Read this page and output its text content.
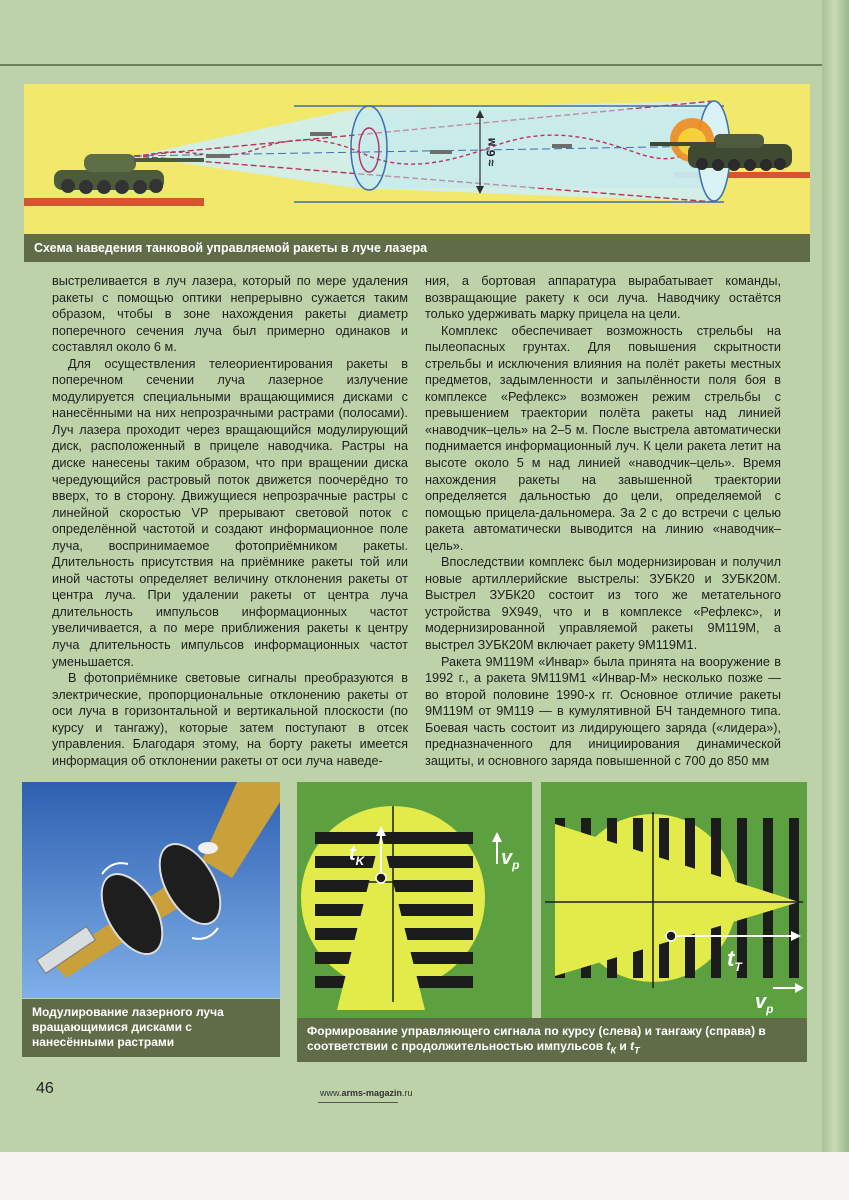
≈ 6 м
Схема наведения танковой управляемой ракеты в луче лазера

выстреливается в луч лазера, который по мере удаления ракеты с помощью оптики непрерывно сужается таким образом, чтобы в зоне нахождения ракеты диаметр поперечного сечения луча был примерно одинаков и составлял около 6 м.

Для осуществления телеориентирования ракеты в поперечном сечении луча лазерное излучение модулируется специальными вращающимися дисками с нанесёнными на них непрозрачными растрами (полосами). Луч лазера проходит через вращающийся модулирующий диск, расположенный в прицеле наводчика. Растры на диске нанесены таким образом, что при вращении диска чередующийся растровый поток движется поочерёдно то вверх, то в сторону. Движущиеся непрозрачные растры с линейной скоростью VP прерывают световой поток с определённой частотой и создают информационное поле луча, воспринимаемое фотоприёмником ракеты. Длительность присутствия на приёмнике ракеты той или иной частоты определяет величину отклонения ракеты от центра луча. При удалении ракеты от центра луча длительность импульсов информационных частот увеличивается, а по мере приближения ракеты к центру луча длительность импульсов информационных частот уменьшается.

В фотоприёмнике световые сигналы преобразуются в электрические, пропорциональные отклонению ракеты от оси луча в горизонтальной и вертикальной плоскости (по курсу и тангажу), которые затем поступают в отсек управления. Благодаря этому, на борту ракеты имеется информация об отклонении ракеты от оси луча наведе-

ния, а бортовая аппаратура вырабатывает команды, возвращающие ракету к оси луча. Наводчику остаётся только удерживать марку прицела на цели.

Комплекс обеспечивает возможность стрельбы на пылеопасных грунтах. Для повышения скрытности стрельбы и исключения влияния на полёт ракеты местных предметов, задымленности и запылённости поля боя в комплексе «Рефлекс» возможен режим стрельбы с превышением траектории полёта ракеты над линией «наводчик–цель» на 2–5 м. После выстрела автоматически поднимается информационный луч. К цели ракета летит на высоте около 5 м над линией «наводчик–цель». Время нахождения ракеты на завышенной траектории определяется дальностью до цели, определяемой с помощью прицела-дальномера. За 2 с до встречи с целью ракета автоматически выводится на линию «наводчик–цель».

Впоследствии комплекс был модернизирован и получил новые артиллерийские выстрелы: ЗУБК20 и ЗУБК20М. Выстрел ЗУБК20 состоит из того же метательного устройства 9Х949, что и в комплексе «Рефлекс», и модернизированной управляемой ракеты 9М119М, а выстрел ЗУБК20М включает ракету 9М119М1.

Ракета 9М119М «Инвар» была принята на вооружение в 1992 г., а ракета 9М119М1 «Инвар-М» несколько позже — во второй половине 1990-х гг. Основное отличие ракеты 9М119М от 9М119 — в кумулятивной БЧ тандемного типа. Боевая часть состоит из лидирующего заряда («лидера»), предназначенного для инициирования динамической защиты, и основного заряда повышенной с 700 до 850 мм

Модулирование лазерного луча вращающимися дисками с нанесёнными растрами
$t_K$	$v_p$
$t_T$
$v_p$
Формирование управляющего сигнала по курсу (слева) и тангажу (справа) в соответствии с продолжительностью импульсов $t_К$ и $t_Т$
46	www.arms-magazin.ru
